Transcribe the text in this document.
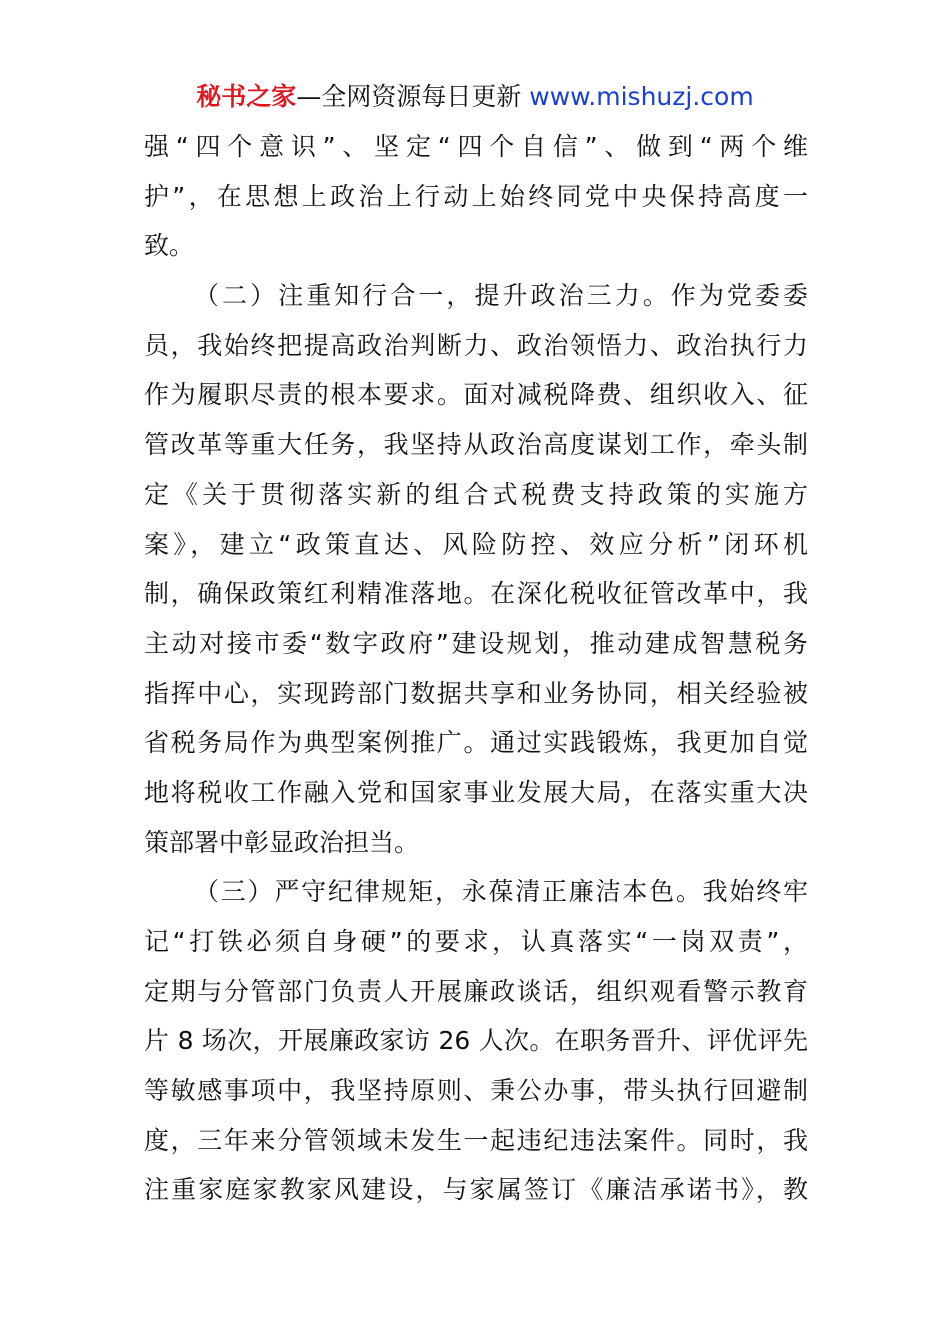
秘书之家—全网资源每日更新 www.mishuzj.com
强“四个意识”、坚定“四个自信”、做到“两个维
护”，在思想上政治上行动上始终同党中央保持高度一
致。
（二）注重知行合一，提升政治三力。作为党委委
员，我始终把提高政治判断力、政治领悟力、政治执行力
作为履职尽责的根本要求。面对减税降费、组织收入、征
管改革等重大任务，我坚持从政治高度谋划工作，牵头制
定《关于贯彻落实新的组合式税费支持政策的实施方
案》，建立“政策直达、风险防控、效应分析”闭环机
制，确保政策红利精准落地。在深化税收征管改革中，我
主动对接市委“数字政府”建设规划，推动建成智慧税务
指挥中心，实现跨部门数据共享和业务协同，相关经验被
省税务局作为典型案例推广。通过实践锻炼，我更加自觉
地将税收工作融入党和国家事业发展大局，在落实重大决
策部署中彰显政治担当。
（三）严守纪律规矩，永葆清正廉洁本色。我始终牢
记“打铁必须自身硬”的要求，认真落实“一岗双责”，
定期与分管部门负责人开展廉政谈话，组织观看警示教育
片 8 场次，开展廉政家访 26 人次。在职务晋升、评优评先
等敏感事项中，我坚持原则、秉公办事，带头执行回避制
度，三年来分管领域未发生一起违纪违法案件。同时，我
注重家庭家教家风建设，与家属签订《廉洁承诺书》，教
